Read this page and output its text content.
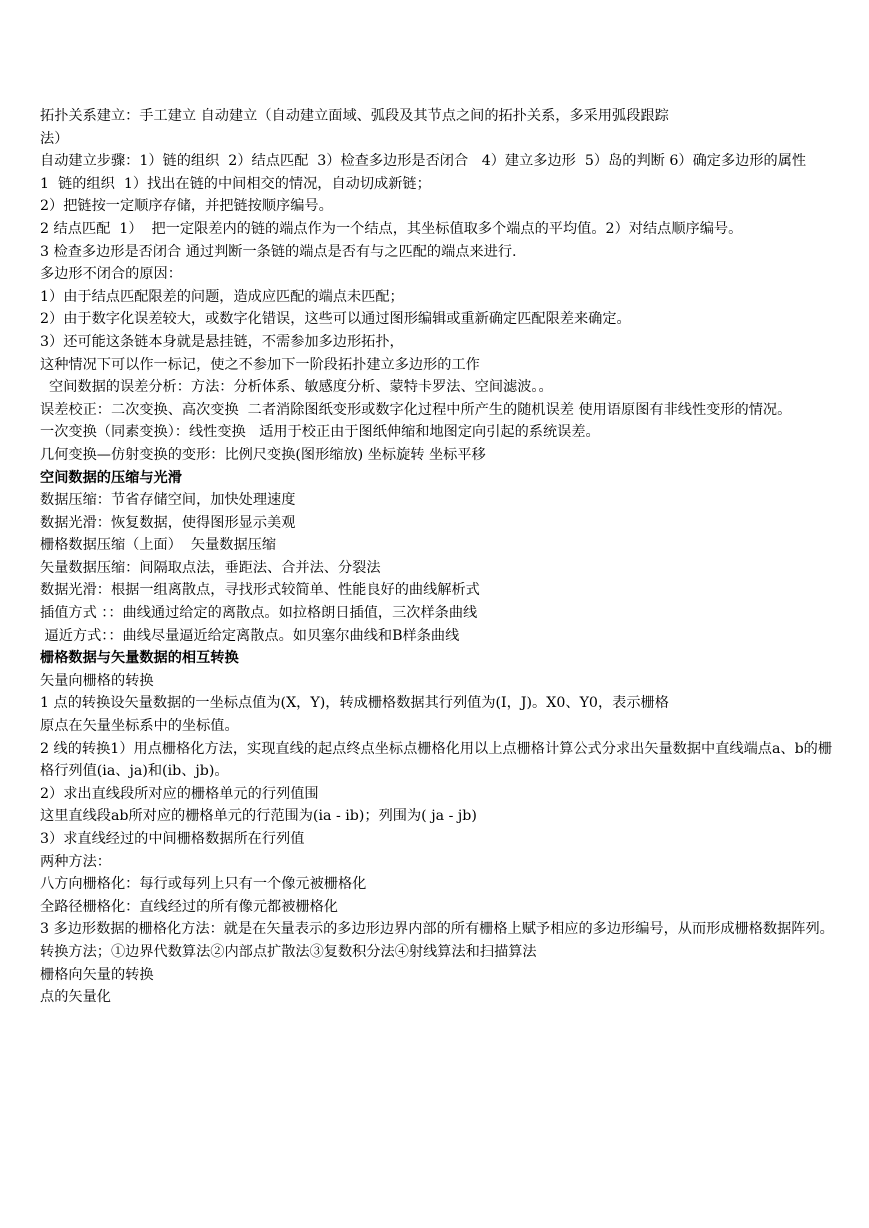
拓扑关系建立：手工建立 自动建立（自动建立面域、弧段及其节点之间的拓扑关系，多采用弧段跟踪

法）

自动建立步骤：1）链的组织  2）结点匹配  3）检查多边形是否闭合   4）建立多边形  5）岛的判断 6）确定多边形的属性

1  链的组织  1）找出在链的中间相交的情况，自动切成新链；

2）把链按一定顺序存储，并把链按顺序编号。

2 结点匹配  1）  把一定限差内的链的端点作为一个结点，其坐标值取多个端点的平均值。2）对结点顺序编号。

3 检查多边形是否闭合 通过判断一条链的端点是否有与之匹配的端点来进行.

多边形不闭合的原因：

1）由于结点匹配限差的问题，造成应匹配的端点未匹配；

2）由于数字化误差较大，或数字化错误，这些可以通过图形编辑或重新确定匹配限差来确定。

3）还可能这条链本身就是悬挂链，不需参加多边形拓扑，

这种情况下可以作一标记，使之不参加下一阶段拓扑建立多边形的工作

空间数据的误差分析：方法：分析体系、敏感度分析、蒙特卡罗法、空间滤波。。

误差校正：二次变换、高次变换  二者消除图纸变形或数字化过程中所产生的随机误差 使用语原图有非线性变形的情况。

一次变换（同素变换）：线性变换   适用于校正由于图纸伸缩和地图定向引起的系统误差。

几何变换—仿射变换的变形：比例尺变换(图形缩放) 坐标旋转 坐标平移

空间数据的压缩与光滑

数据压缩：节省存储空间，加快处理速度

数据光滑：恢复数据，使得图形显示美观

栅格数据压缩（上面）  矢量数据压缩

矢量数据压缩：间隔取点法，垂距法、合并法、分裂法

数据光滑：根据一组离散点，寻找形式较简单、性能良好的曲线解析式

插值方式 ：：曲线通过给定的离散点。如拉格朗日插值，三次样条曲线

逼近方式：：曲线尽量逼近给定离散点。如贝塞尔曲线和B样条曲线

栅格数据与矢量数据的相互转换

矢量向栅格的转换

1 点的转换设矢量数据的一坐标点值为(X，Y)，转成栅格数据其行列值为(I，J)。X0、Y0，表示栅格

原点在矢量坐标系中的坐标值。

2 线的转换1）用点栅格化方法，实现直线的起点终点坐标点栅格化用以上点栅格计算公式分求出矢量数据中直线端点a、b的栅格行列值(ia、ja)和(ib、jb)。

2）求出直线段所对应的栅格单元的行列值围

这里直线段ab所对应的栅格单元的行范围为(ia - ib)；列围为( ja - jb)

3）求直线经过的中间栅格数据所在行列值

两种方法：

八方向栅格化：每行或每列上只有一个像元被栅格化

全路径栅格化：直线经过的所有像元都被栅格化

3 多边形数据的栅格化方法：就是在矢量表示的多边形边界内部的所有栅格上赋予相应的多边形编号，从而形成栅格数据阵列。

转换方法；①边界代数算法②内部点扩散法③复数积分法④射线算法和扫描算法

栅格向矢量的转换

点的矢量化
